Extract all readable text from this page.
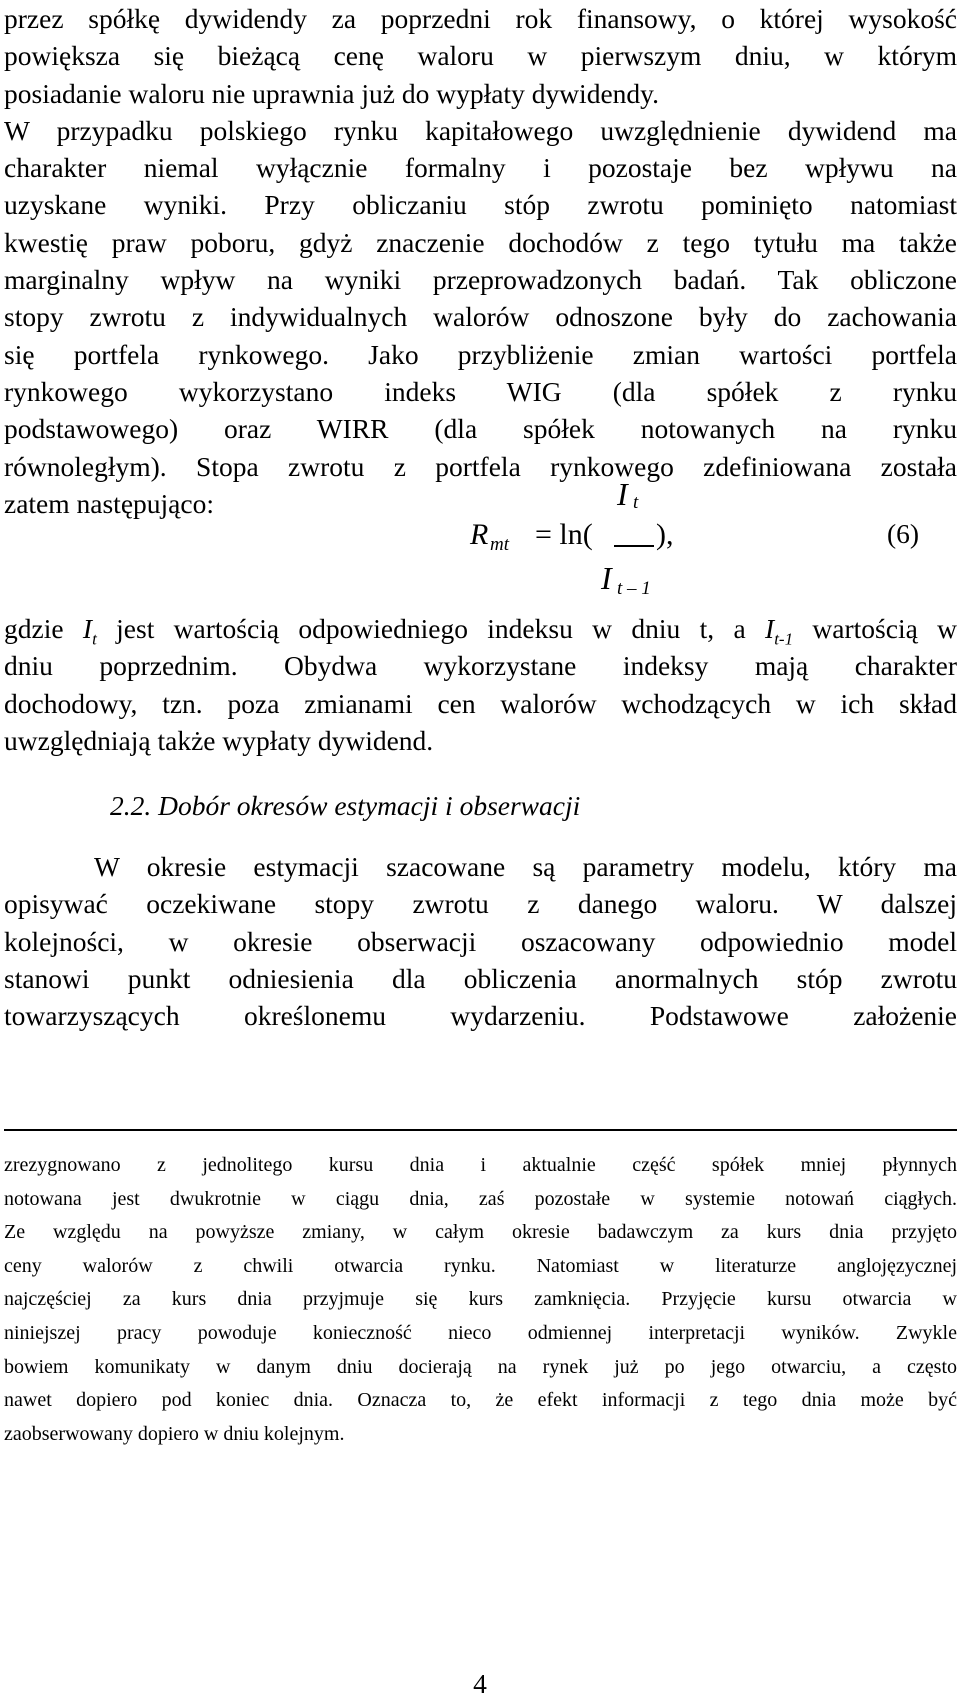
przez spółkę dywidendy za poprzedni rok finansowy, o której wysokość
powiększa się bieżącą cenę waloru w pierwszym dniu, w którym
posiadanie waloru nie uprawnia już do wypłaty dywidendy.
W przypadku polskiego rynku kapitałowego uwzględnienie dywidend ma
charakter niemal wyłącznie formalny i pozostaje bez wpływu na
uzyskane wyniki. Przy obliczaniu stóp zwrotu pominięto natomiast
kwestię praw poboru, gdyż znaczenie dochodów z tego tytułu ma także
marginalny wpływ na wyniki przeprowadzonych badań. Tak obliczone
stopy zwrotu z indywidualnych walorów odnoszone były do zachowania
się portfela rynkowego. Jako przybliżenie zmian wartości portfela
rynkowego wykorzystano indeks WIG (dla spółek z rynku
podstawowego) oraz WIRR (dla spółek notowanych na rynku
równoległym). Stopa zwrotu z portfela rynkowego zdefiniowana została
zatem następująco:
R mt = ln(
I t
I t – 1
),	(6)
gdzie $I_t$ jest wartością odpowiedniego indeksu w dniu t, a $I_{t-1}$ wartością w
dniu poprzednim. Obydwa wykorzystane indeksy mają charakter
dochodowy, tzn. poza zmianami cen walorów wchodzących w ich skład
uwzględniają także wypłaty dywidend.
2.2. Dobór okresów estymacji i obserwacji
W okresie estymacji szacowane są parametry modelu, który ma
opisywać oczekiwane stopy zwrotu z danego waloru. W dalszej
kolejności, w okresie obserwacji oszacowany odpowiednio model
stanowi punkt odniesienia dla obliczenia anormalnych stóp zwrotu
towarzyszących określonemu wydarzeniu. Podstawowe założenie
zrezygnowano z jednolitego kursu dnia i aktualnie część spółek mniej płynnych
notowana jest dwukrotnie w ciągu dnia, zaś pozostałe w systemie notowań ciągłych.
Ze względu na powyższe zmiany, w całym okresie badawczym za kurs dnia przyjęto
ceny walorów z chwili otwarcia rynku. Natomiast w literaturze anglojęzycznej
najczęściej za kurs dnia przyjmuje się kurs zamknięcia. Przyjęcie kursu otwarcia w
niniejszej pracy powoduje konieczność nieco odmiennej interpretacji wyników. Zwykle
bowiem komunikaty w danym dniu docierają na rynek już po jego otwarciu, a często
nawet dopiero pod koniec dnia. Oznacza to, że efekt informacji z tego dnia może być
zaobserwowany dopiero w dniu kolejnym.
4
